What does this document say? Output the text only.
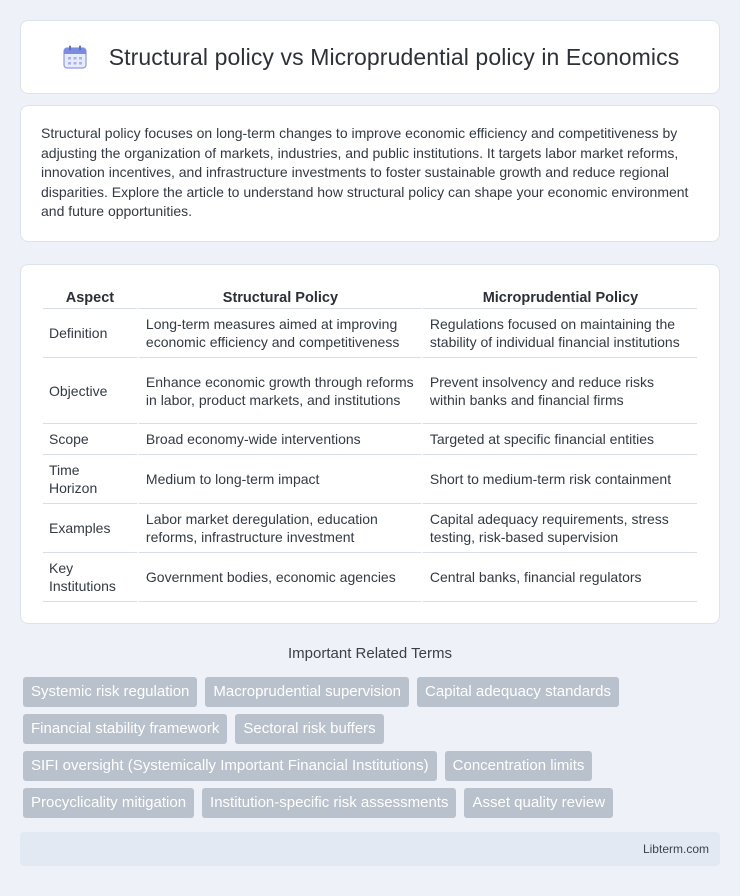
Structural policy vs Microprudential policy in Economics

Structural policy focuses on long-term changes to improve economic efficiency and competitiveness by adjusting the organization of markets, industries, and public institutions. It targets labor market reforms, innovation incentives, and infrastructure investments to foster sustainable growth and reduce regional disparities. Explore the article to understand how structural policy can shape your economic environment and future opportunities.

Aspect	Structural Policy	Microprudential Policy
Definition	Long-term measures aimed at improving economic efficiency and competitiveness	Regulations focused on maintaining the stability of individual financial institutions
Objective	Enhance economic growth through reforms in labor, product markets, and institutions	Prevent insolvency and reduce risks within banks and financial firms
Scope	Broad economy-wide interventions	Targeted at specific financial entities
Time Horizon	Medium to long-term impact	Short to medium-term risk containment
Examples	Labor market deregulation, education reforms, infrastructure investment	Capital adequacy requirements, stress testing, risk-based supervision
Key Institutions	Government bodies, economic agencies	Central banks, financial regulators
Important Related Terms
Systemic risk regulation	Macroprudential supervision	Capital adequacy standards
Financial stability framework	Sectoral risk buffers
SIFI oversight (Systemically Important Financial Institutions)	Concentration limits
Procyclicality mitigation	Institution-specific risk assessments	Asset quality review
Libterm.com
